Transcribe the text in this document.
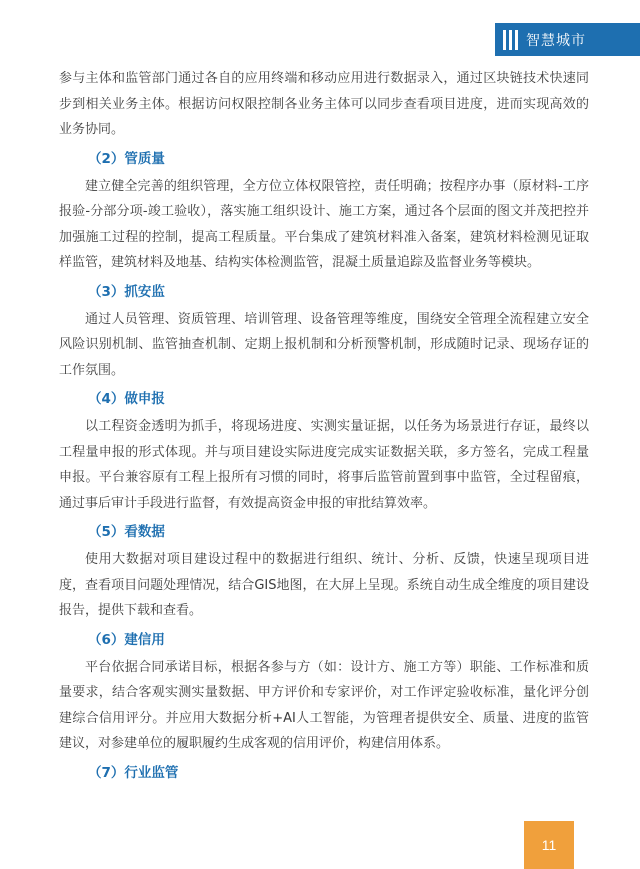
智慧城市

参与主体和监管部门通过各自的应用终端和移动应用进行数据录入，通过区块链技术快速同步到相关业务主体。根据访问权限控制各业务主体可以同步查看项目进度，进而实现高效的业务协同。

（2）管质量

建立健全完善的组织管理，全方位立体权限管控，责任明确；按程序办事（原材料-工序报验-分部分项-竣工验收），落实施工组织设计、施工方案，通过各个层面的图文并茂把控并加强施工过程的控制，提高工程质量。平台集成了建筑材料准入备案，建筑材料检测见证取样监管，建筑材料及地基、结构实体检测监管，混凝土质量追踪及监督业务等模块。

（3）抓安监

通过人员管理、资质管理、培训管理、设备管理等维度，围绕安全管理全流程建立安全风险识别机制、监管抽查机制、定期上报机制和分析预警机制，形成随时记录、现场存证的工作氛围。

（4）做申报

以工程资金透明为抓手，将现场进度、实测实量证据，以任务为场景进行存证，最终以工程量申报的形式体现。并与项目建设实际进度完成实证数据关联，多方签名，完成工程量申报。平台兼容原有工程上报所有习惯的同时，将事后监管前置到事中监管，全过程留痕，通过事后审计手段进行监督，有效提高资金申报的审批结算效率。

（5）看数据

使用大数据对项目建设过程中的数据进行组织、统计、分析、反馈，快速呈现项目进度，查看项目问题处理情况，结合GIS地图，在大屏上呈现。系统自动生成全维度的项目建设报告，提供下载和查看。

（6）建信用

平台依据合同承诺目标，根据各参与方（如：设计方、施工方等）职能、工作标准和质量要求，结合客观实测实量数据、甲方评价和专家评价，对工作评定验收标准，量化评分创建综合信用评分。并应用大数据分析+AI人工智能，为管理者提供安全、质量、进度的监管建议，对参建单位的履职履约生成客观的信用评价，构建信用体系。

（7）行业监管
11
